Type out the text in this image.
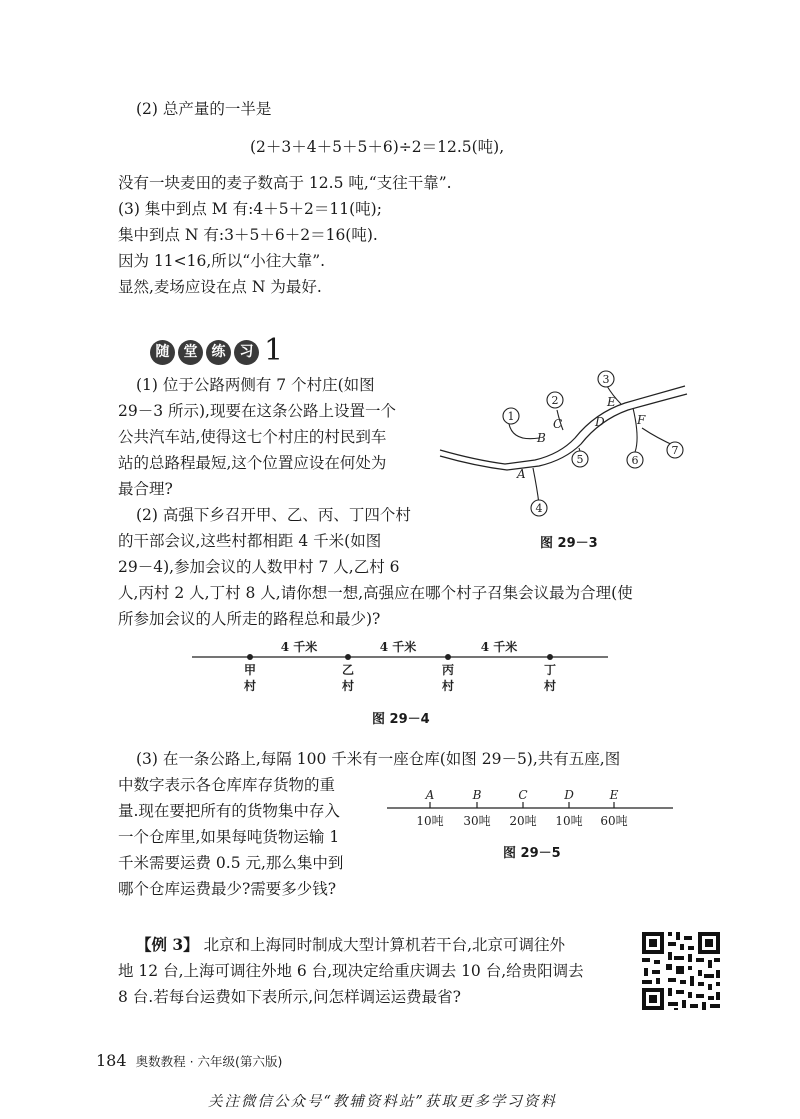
(2) 总产量的一半是
(2＋3＋4＋5＋5＋6)÷2＝12.5(吨),
没有一块麦田的麦子数高于 12.5 吨,“支往干靠”.
(3) 集中到点 M 有:4＋5＋2＝11(吨);
集中到点 N 有:3＋5＋6＋2＝16(吨).
因为 11<16,所以“小往大靠”.
显然,麦场应设在点 N 为最好.
随 堂 练 习 1
(1) 位于公路两侧有 7 个村庄(如图
29－3 所示),现要在这条公路上设置一个
公共汽车站,使得这七个村庄的村民到车
站的总路程最短,这个位置应设在何处为
最合理?
(2) 高强下乡召开甲、乙、丙、丁四个村
的干部会议,这些村都相距 4 千米(如图
29－4),参加会议的人数甲村 7 人,乙村 6
人,丙村 2 人,丁村 8 人,请你想一想,高强应在哪个村子召集会议最为合理(使
所参加会议的人所走的路程总和最少)?
1
2
3
4
5	6
7
A
B
C	D
E
F
图 29－3
4 千米	4 千米	4 千米
甲
村
乙
村
丙
村
丁
村
图 29－4
(3) 在一条公路上,每隔 100 千米有一座仓库(如图 29－5),共有五座,图
中数字表示各仓库库存货物的重
量.现在要把所有的货物集中存入
一个仓库里,如果每吨货物运输 1
千米需要运费 0.5 元,那么集中到
哪个仓库运费最少?需要多少钱?
A	B	C	D	E
10吨 30吨 20吨 10吨 60吨
图 29－5
【例 3】 北京和上海同时制成大型计算机若干台,北京可调往外
地 12 台,上海可调往外地 6 台,现决定给重庆调去 10 台,给贵阳调去
8 台.若每台运费如下表所示,问怎样调运运费最省?
184 奥数教程 · 六年级(第六版)
关注微信公众号“教辅资料站”获取更多学习资料
